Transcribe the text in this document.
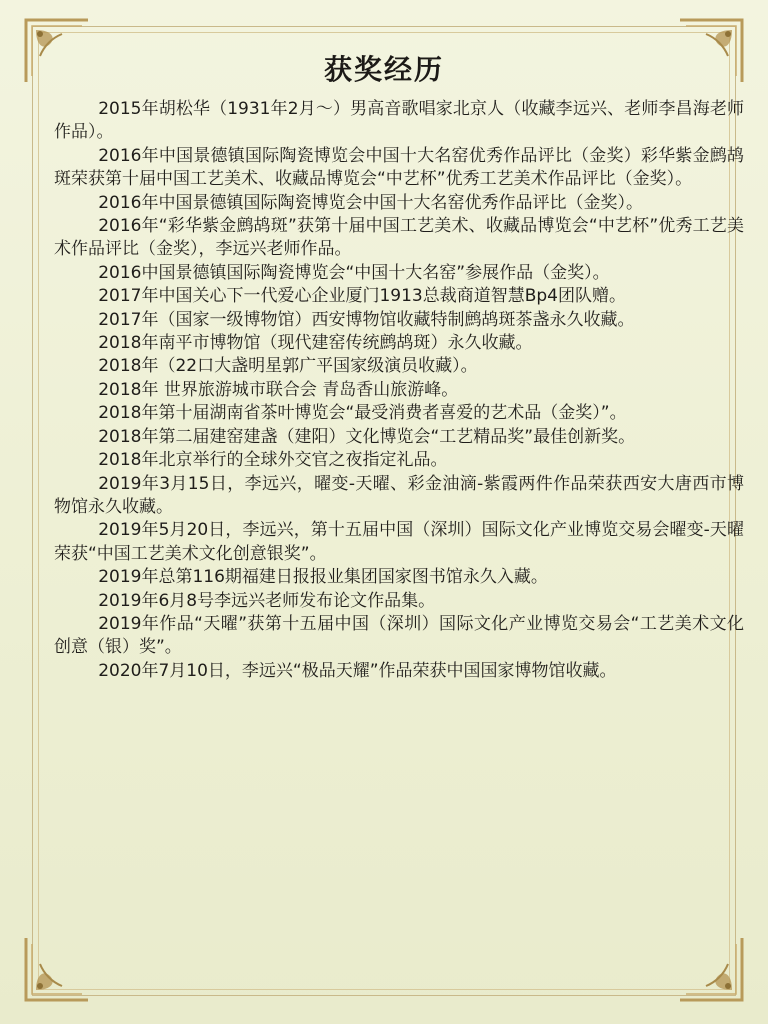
获奖经历

2015年胡松华（1931年2月～）男高音歌唱家北京人（收藏李远兴、老师李昌海老师作品）。

2016年中国景德镇国际陶瓷博览会中国十大名窑优秀作品评比（金奖）彩华紫金鹧鸪斑荣获第十届中国工艺美术、收藏品博览会“中艺杯”优秀工艺美术作品评比（金奖）。

2016年中国景德镇国际陶瓷博览会中国十大名窑优秀作品评比（金奖）。

2016年“彩华紫金鹧鸪斑”获第十届中国工艺美术、收藏品博览会“中艺杯”优秀工艺美术作品评比（金奖），李远兴老师作品。

2016中国景德镇国际陶瓷博览会“中国十大名窑”参展作品（金奖）。

2017年中国关心下一代爱心企业厦门1913总裁商道智慧Bp4团队赠。

2017年（国家一级博物馆）西安博物馆收藏特制鹧鸪斑茶盏永久收藏。

2018年南平市博物馆（现代建窑传统鹧鸪斑）永久收藏。

2018年（22口大盏明星郭广平国家级演员收藏）。

2018年 世界旅游城市联合会 青岛香山旅游峰。

2018年第十届湖南省茶叶博览会“最受消费者喜爱的艺术品（金奖）”。

2018年第二届建窑建盏（建阳）文化博览会“工艺精品奖”最佳创新奖。

2018年北京举行的全球外交官之夜指定礼品。

2019年3月15日，李远兴，曜变-天曜、彩金油滴-紫霞两件作品荣获西安大唐西市博物馆永久收藏。

2019年5月20日，李远兴，第十五届中国（深圳）国际文化产业博览交易会曜变-天曜荣获“中国工艺美术文化创意银奖”。

2019年总第116期福建日报报业集团国家图书馆永久入藏。

2019年6月8号李远兴老师发布论文作品集。

2019年作品“天曜”获第十五届中国（深圳）国际文化产业博览交易会“工艺美术文化创意（银）奖”。

2020年7月10日，李远兴“极品天耀”作品荣获中国国家博物馆收藏。
